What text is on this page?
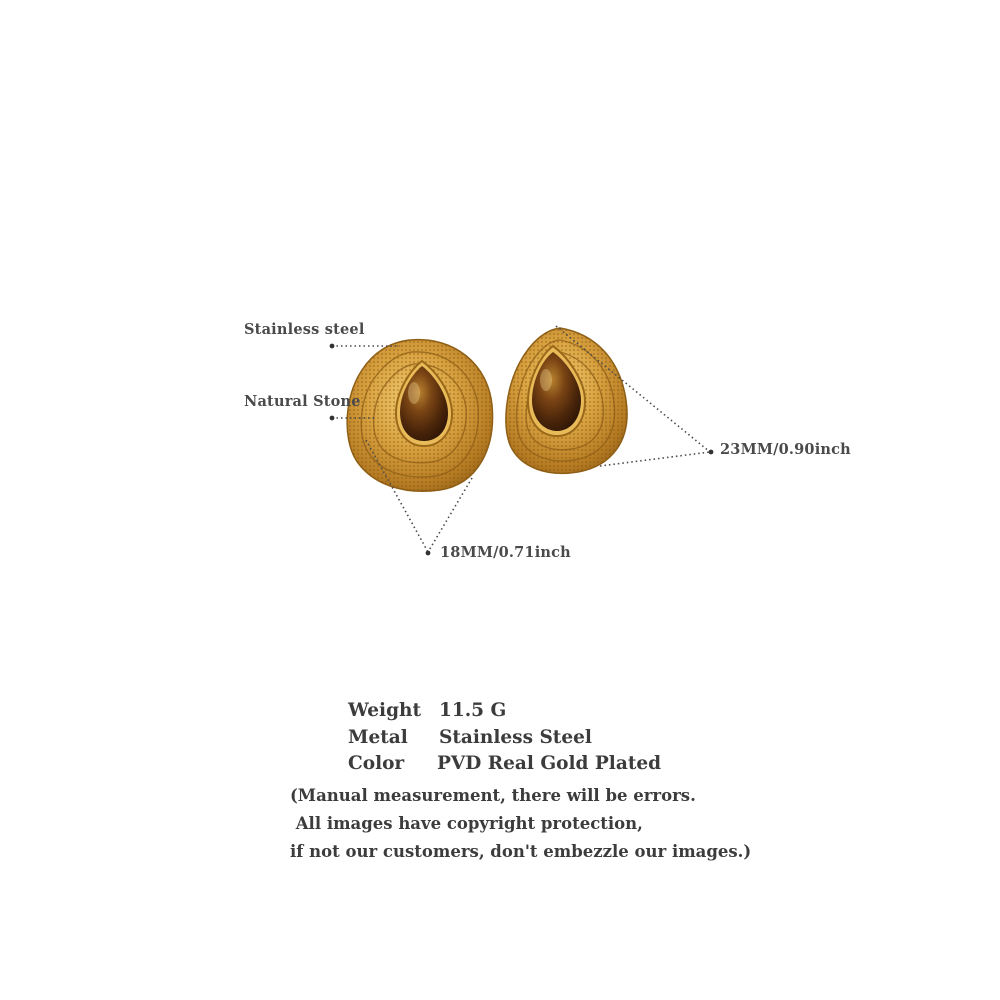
Stainless steel
Natural Stone
23MM/0.90inch
18MM/0.71inch
Weight 11.5 G
Metal Stainless Steel
Color PVD Real Gold Plated
(Manual measurement, there will be errors.
All images have copyright protection,
if not our customers, don't embezzle our images.)
